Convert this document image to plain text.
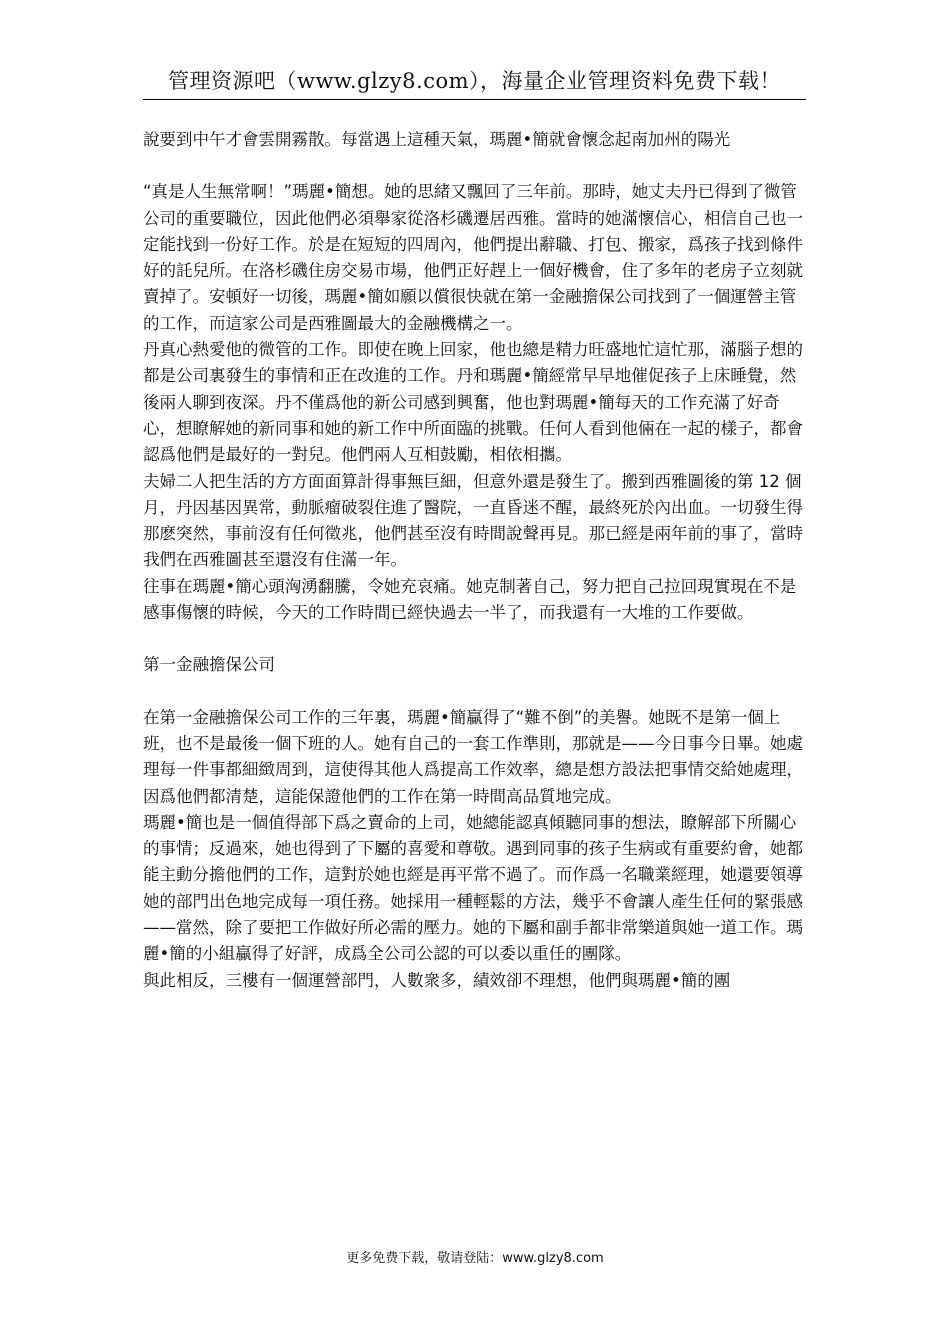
管理资源吧（www.glzy8.com），海量企业管理资料免费下载！

說要到中午才會雲開霧散。每當遇上這種天氣，瑪麗•簡就會懷念起南加州的陽光

“真是人生無常啊！”瑪麗•簡想。她的思緒又飄回了三年前。那時，她丈夫丹已得到了微管公司的重要職位，因此他們必須舉家從洛杉磯遷居西雅。當時的她滿懷信心，相信自己也一定能找到一份好工作。於是在短短的四周內，他們提出辭職、打包、搬家，爲孩子找到條件好的託兒所。在洛杉磯住房交易市場，他們正好趕上一個好機會，住了多年的老房子立刻就賣掉了。安頓好一切後，瑪麗•簡如願以償很快就在第一金融擔保公司找到了一個運營主管的工作，而這家公司是西雅圖最大的金融機構之一。

丹真心熱愛他的微管的工作。即使在晚上回家，他也總是精力旺盛地忙這忙那，滿腦子想的都是公司裏發生的事情和正在改進的工作。丹和瑪麗•簡經常早早地催促孩子上床睡覺，然後兩人聊到夜深。丹不僅爲他的新公司感到興奮，他也對瑪麗•簡每天的工作充滿了好奇心，想瞭解她的新同事和她的新工作中所面臨的挑戰。任何人看到他倆在一起的樣子，都會認爲他們是最好的一對兒。他們兩人互相鼓勵，相依相攜。

夫婦二人把生活的方方面面算計得事無巨細，但意外還是發生了。搬到西雅圖後的第 12 個月，丹因基因異常，動脈瘤破裂住進了醫院，一直昏迷不醒，最終死於內出血。一切發生得那麽突然，事前沒有任何徵兆，他們甚至沒有時間說聲再見。那已經是兩年前的事了，當時我們在西雅圖甚至還沒有住滿一年。

往事在瑪麗•簡心頭洶湧翻騰，令她充哀痛。她克制著自己，努力把自己拉回現實現在不是感事傷懷的時候，今天的工作時間已經快過去一半了，而我還有一大堆的工作要做。

第一金融擔保公司

在第一金融擔保公司工作的三年裏，瑪麗•簡贏得了“難不倒”的美譽。她既不是第一個上班，也不是最後一個下班的人。她有自己的一套工作準則，那就是——今日事今日畢。她處理每一件事都細緻周到，這使得其他人爲提高工作效率，總是想方設法把事情交給她處理，因爲他們都清楚，這能保證他們的工作在第一時間高品質地完成。

瑪麗•簡也是一個值得部下爲之賣命的上司，她總能認真傾聽同事的想法，瞭解部下所關心的事情；反過來，她也得到了下屬的喜愛和尊敬。遇到同事的孩子生病或有重要約會，她都能主動分擔他們的工作，這對於她也經是再平常不過了。而作爲一名職業經理，她還要領導她的部門出色地完成每一項任務。她採用一種輕鬆的方法，幾乎不會讓人產生任何的緊張感——當然，除了要把工作做好所必需的壓力。她的下屬和副手都非常樂道與她一道工作。瑪麗•簡的小組贏得了好評，成爲全公司公認的可以委以重任的團隊。

與此相反，三樓有一個運營部門，人數衆多，績效卻不理想，他們與瑪麗•簡的團

更多免费下载，敬请登陆：www.glzy8.com
